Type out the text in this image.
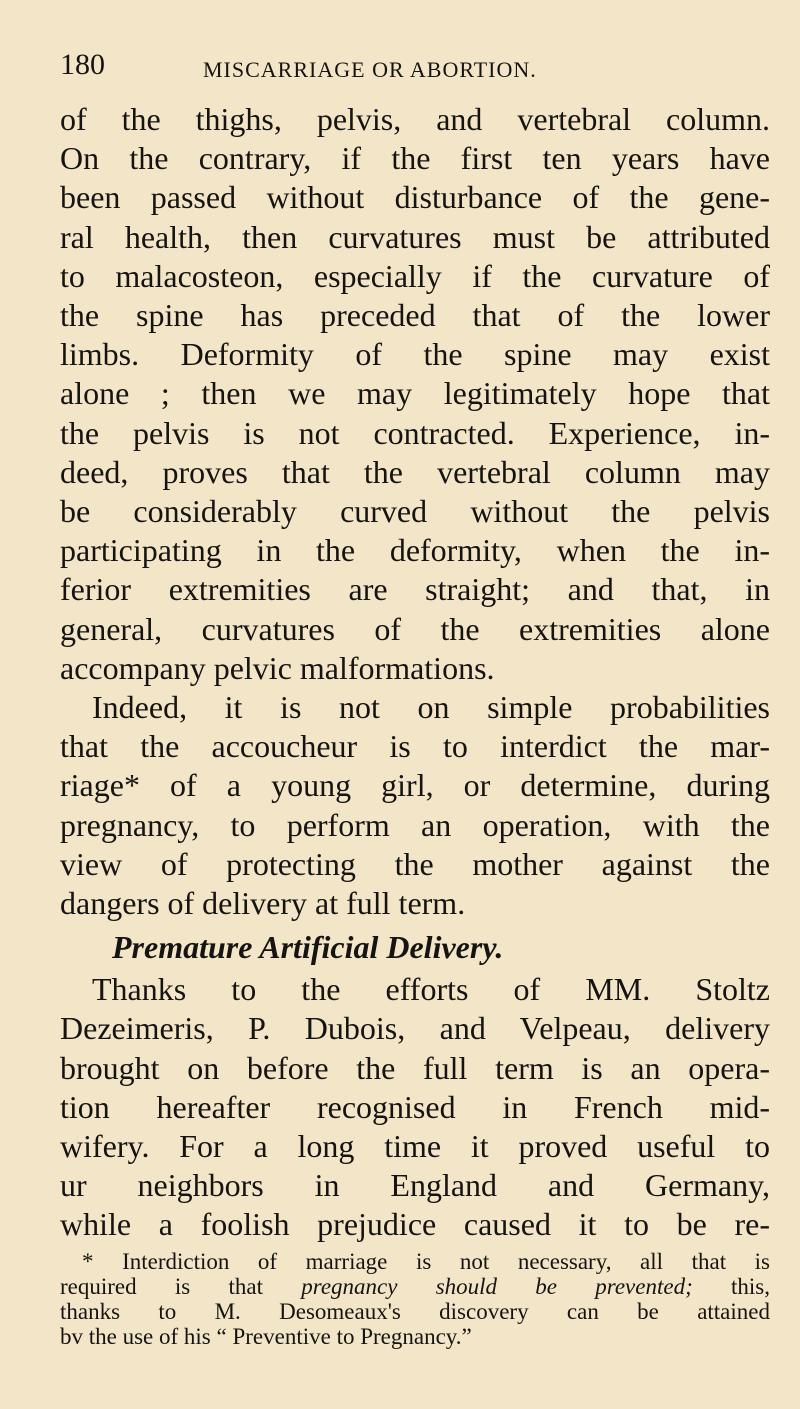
180	MISCARRIAGE OR ABORTION.
of the thighs, pelvis, and vertebral column.
On the contrary, if the first ten years have
been passed without disturbance of the gene-
ral health, then curvatures must be attributed
to malacosteon, especially if the curvature of
the spine has preceded that of the lower
limbs. Deformity of the spine may exist
alone ; then we may legitimately hope that
the pelvis is not contracted. Experience, in-
deed, proves that the vertebral column may
be considerably curved without the pelvis
participating in the deformity, when the in-
ferior extremities are straight; and that, in
general, curvatures of the extremities alone
accompany pelvic malformations.
Indeed, it is not on simple probabilities
that the accoucheur is to interdict the mar-
riage* of a young girl, or determine, during
pregnancy, to perform an operation, with the
view of protecting the mother against the
dangers of delivery at full term.
Premature Artificial Delivery.
Thanks to the efforts of MM. Stoltz
Dezeimeris, P. Dubois, and Velpeau, delivery
brought on before the full term is an opera-
tion hereafter recognised in French mid-
wifery. For a long time it proved useful to
ur neighbors in England and Germany,
while a foolish prejudice caused it to be re-
* Interdiction of marriage is not necessary, all that is
required is that pregnancy should be prevented; this,
thanks to M. Desomeaux's discovery can be attained
bv the use of his “ Preventive to Pregnancy.”
